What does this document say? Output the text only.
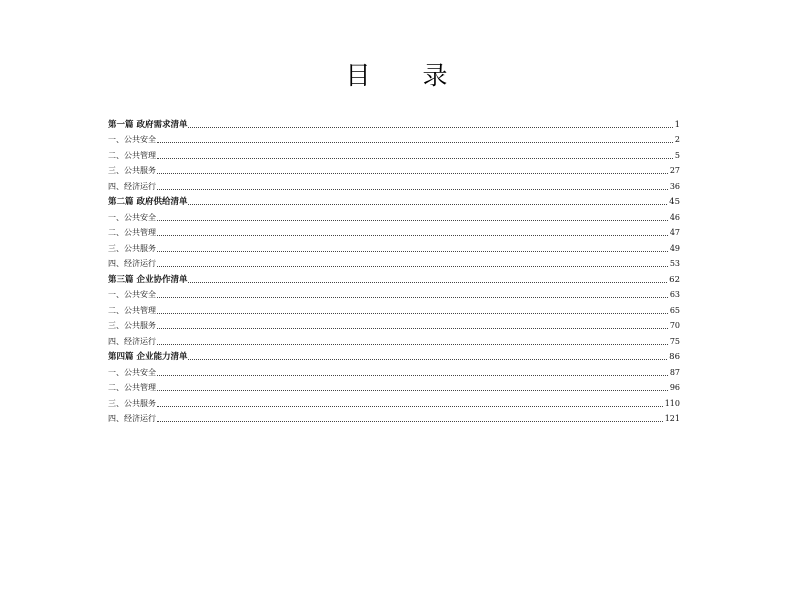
目 录
第一篇 政府需求清单	1
一、公共安全	2
二、公共管理	5
三、公共服务	27
四、经济运行	36
第二篇 政府供给清单	45
一、公共安全	46
二、公共管理	47
三、公共服务	49
四、经济运行	53
第三篇 企业协作清单	62
一、公共安全	63
二、公共管理	65
三、公共服务	70
四、经济运行	75
第四篇 企业能力清单	86
一、公共安全	87
二、公共管理	96
三、公共服务	110
四、经济运行	121
